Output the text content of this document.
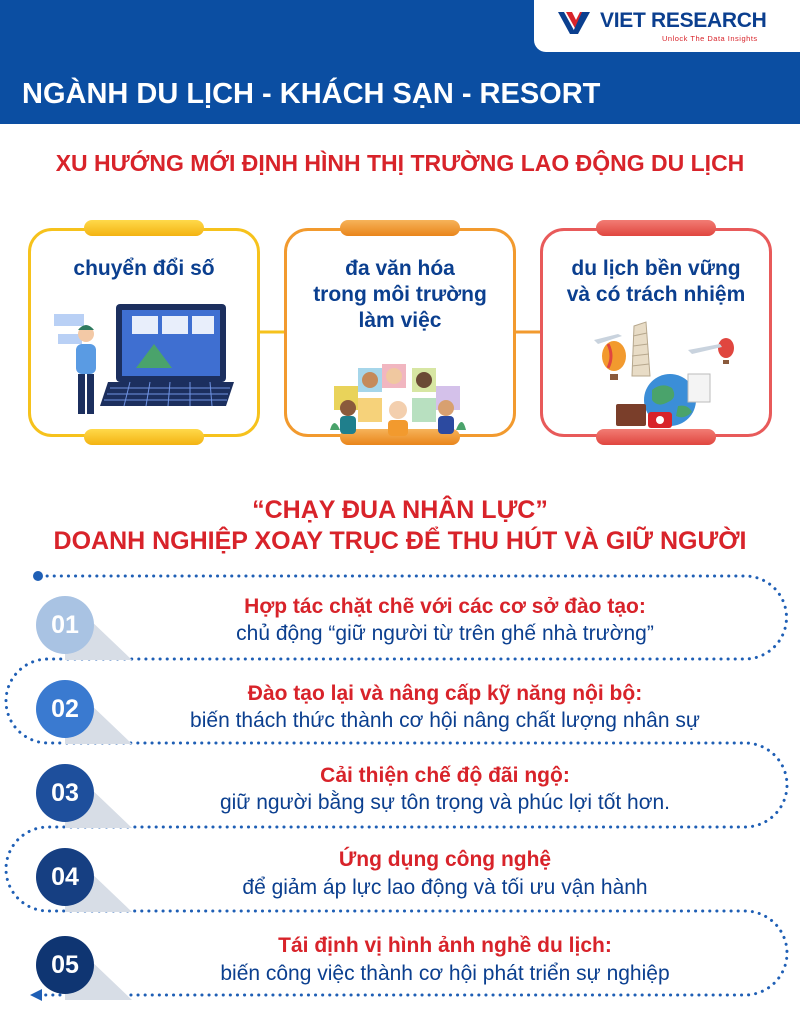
VIET RESEARCH
Unlock The Data Insights
NGÀNH DU LỊCH - KHÁCH SẠN - RESORT
XU HƯỚNG MỚI ĐỊNH HÌNH THỊ TRƯỜNG LAO ĐỘNG DU LỊCH
chuyển đổi số	đa văn hóa
trong môi trường
làm việc
du lịch bền vững
và có trách nhiệm
“CHẠY ĐUA NHÂN LỰC”
DOANH NGHIỆP XOAY TRỤC ĐỂ THU HÚT VÀ GIỮ NGƯỜI
01
Hợp tác chặt chẽ với các cơ sở đào tạo:
chủ động “giữ người từ trên ghế nhà trường”
02
Đào tạo lại và nâng cấp kỹ năng nội bộ:
biến thách thức thành cơ hội nâng chất lượng nhân sự
03
Cải thiện chế độ đãi ngộ:
giữ người bằng sự tôn trọng và phúc lợi tốt hơn.
04
Ứng dụng công nghệ
để giảm áp lực lao động và tối ưu vận hành
05
Tái định vị hình ảnh nghề du lịch:
biến công việc thành cơ hội phát triển sự nghiệp
